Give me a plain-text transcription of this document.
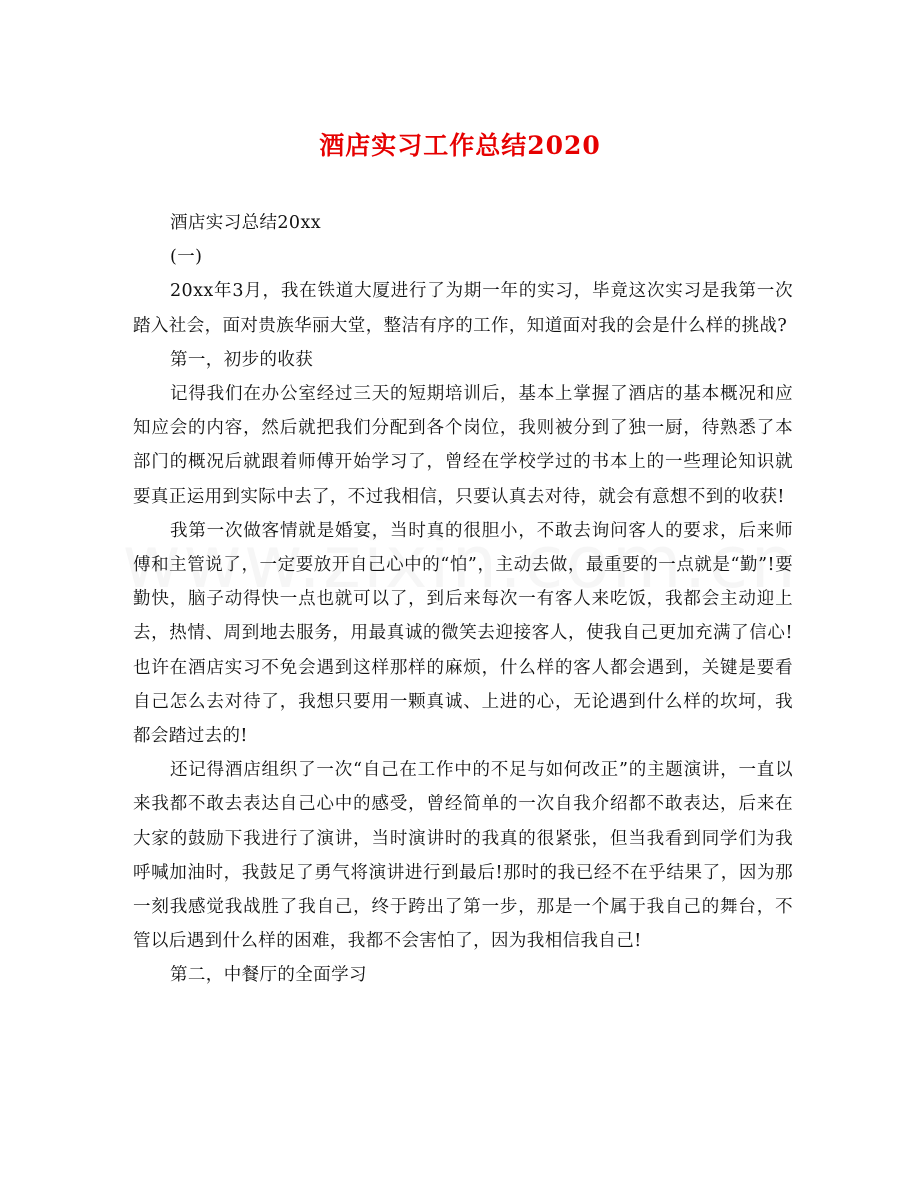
酒店实习工作总结2020

酒店实习总结20xx

(一)

20xx年3月，我在铁道大厦进行了为期一年的实习，毕竟这次实习是我第一次踏入社会，面对贵族华丽大堂，整洁有序的工作，知道面对我的会是什么样的挑战?

第一，初步的收获

记得我们在办公室经过三天的短期培训后，基本上掌握了酒店的基本概况和应知应会的内容，然后就把我们分配到各个岗位，我则被分到了独一厨，待熟悉了本部门的概况后就跟着师傅开始学习了，曾经在学校学过的书本上的一些理论知识就要真正运用到实际中去了，不过我相信，只要认真去对待，就会有意想不到的收获!

我第一次做客情就是婚宴，当时真的很胆小，不敢去询问客人的要求，后来师傅和主管说了，一定要放开自己心中的“怕”，主动去做，最重要的一点就是“勤”!要勤快，脑子动得快一点也就可以了，到后来每次一有客人来吃饭，我都会主动迎上去，热情、周到地去服务，用最真诚的微笑去迎接客人，使我自己更加充满了信心!也许在酒店实习不免会遇到这样那样的麻烦，什么样的客人都会遇到，关键是要看自己怎么去对待了，我想只要用一颗真诚、上进的心，无论遇到什么样的坎坷，我都会踏过去的!

还记得酒店组织了一次“自己在工作中的不足与如何改正”的主题演讲，一直以来我都不敢去表达自己心中的感受，曾经简单的一次自我介绍都不敢表达，后来在大家的鼓励下我进行了演讲，当时演讲时的我真的很紧张，但当我看到同学们为我呼喊加油时，我鼓足了勇气将演讲进行到最后!那时的我已经不在乎结果了，因为那一刻我感觉我战胜了我自己，终于跨出了第一步，那是一个属于我自己的舞台，不管以后遇到什么样的困难，我都不会害怕了，因为我相信我自己!

第二，中餐厅的全面学习
